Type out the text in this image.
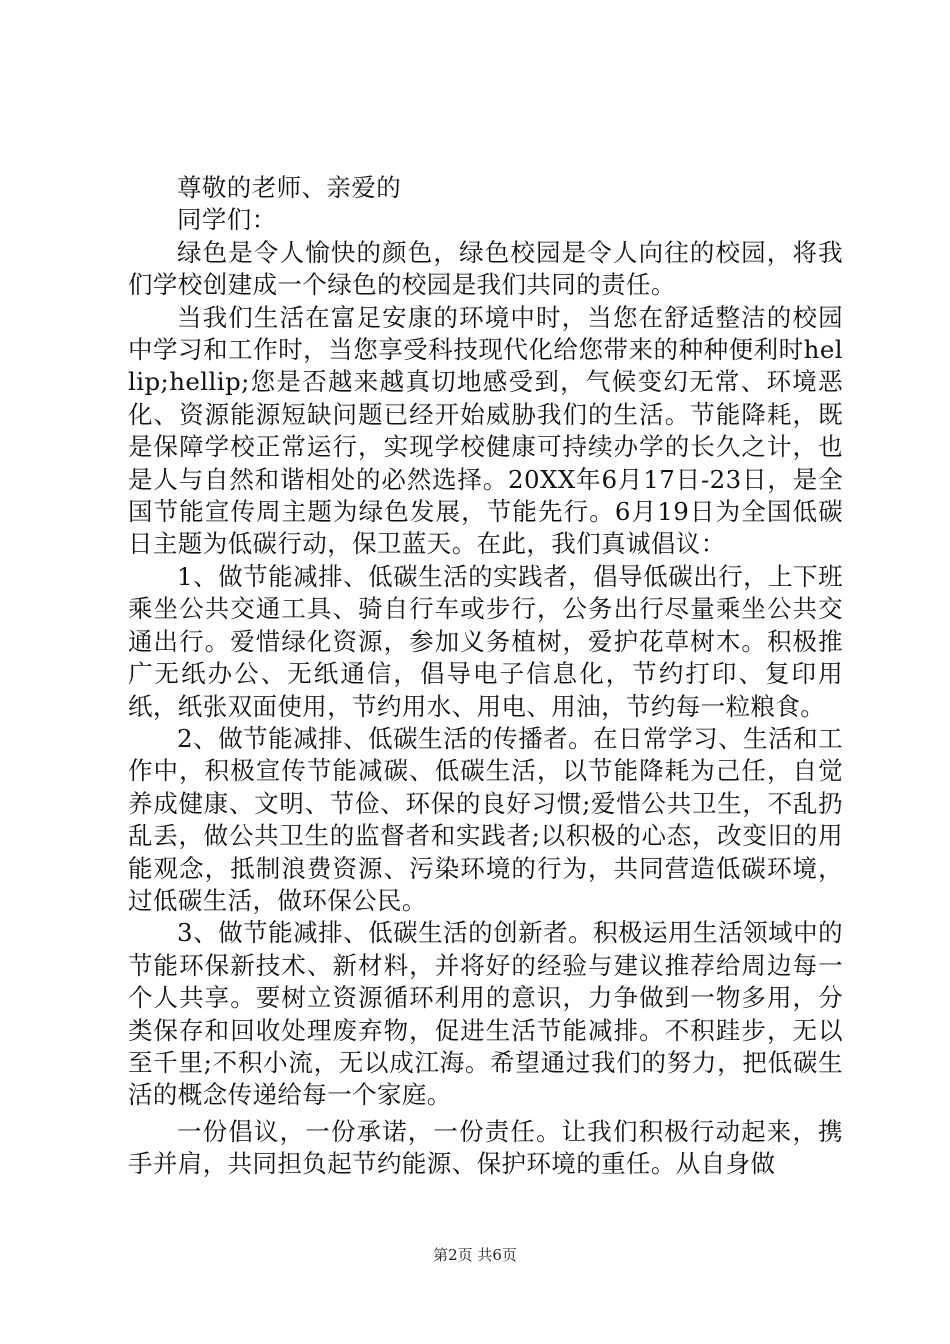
尊敬的老师、亲爱的

同学们：

绿色是令人愉快的颜色，绿色校园是令人向往的校园，将我们学校创建成一个绿色的校园是我们共同的责任。

当我们生活在富足安康的环境中时，当您在舒适整洁的校园中学习和工作时，当您享受科技现代化给您带来的种种便利时hellip;hellip;您是否越来越真切地感受到，气候变幻无常、环境恶化、资源能源短缺问题已经开始威胁我们的生活。节能降耗，既是保障学校正常运行，实现学校健康可持续办学的长久之计，也是人与自然和谐相处的必然选择。20XX年6月17日-23日，是全国节能宣传周主题为绿色发展，节能先行。6月19日为全国低碳日主题为低碳行动，保卫蓝天。在此，我们真诚倡议：

1、做节能减排、低碳生活的实践者，倡导低碳出行，上下班乘坐公共交通工具、骑自行车或步行，公务出行尽量乘坐公共交通出行。爱惜绿化资源，参加义务植树，爱护花草树木。积极推广无纸办公、无纸通信，倡导电子信息化，节约打印、复印用纸，纸张双面使用，节约用水、用电、用油，节约每一粒粮食。

2、做节能减排、低碳生活的传播者。在日常学习、生活和工作中，积极宣传节能减碳、低碳生活，以节能降耗为己任，自觉养成健康、文明、节俭、环保的良好习惯;爱惜公共卫生，不乱扔乱丢，做公共卫生的监督者和实践者;以积极的心态，改变旧的用能观念，抵制浪费资源、污染环境的行为，共同营造低碳环境，过低碳生活，做环保公民。

3、做节能减排、低碳生活的创新者。积极运用生活领域中的节能环保新技术、新材料，并将好的经验与建议推荐给周边每一个人共享。要树立资源循环利用的意识，力争做到一物多用，分类保存和回收处理废弃物，促进生活节能减排。不积跬步，无以至千里;不积小流，无以成江海。希望通过我们的努力，把低碳生活的概念传递给每一个家庭。

一份倡议，一份承诺，一份责任。让我们积极行动起来，携手并肩，共同担负起节约能源、保护环境的重任。从自身做

第2页 共6页
